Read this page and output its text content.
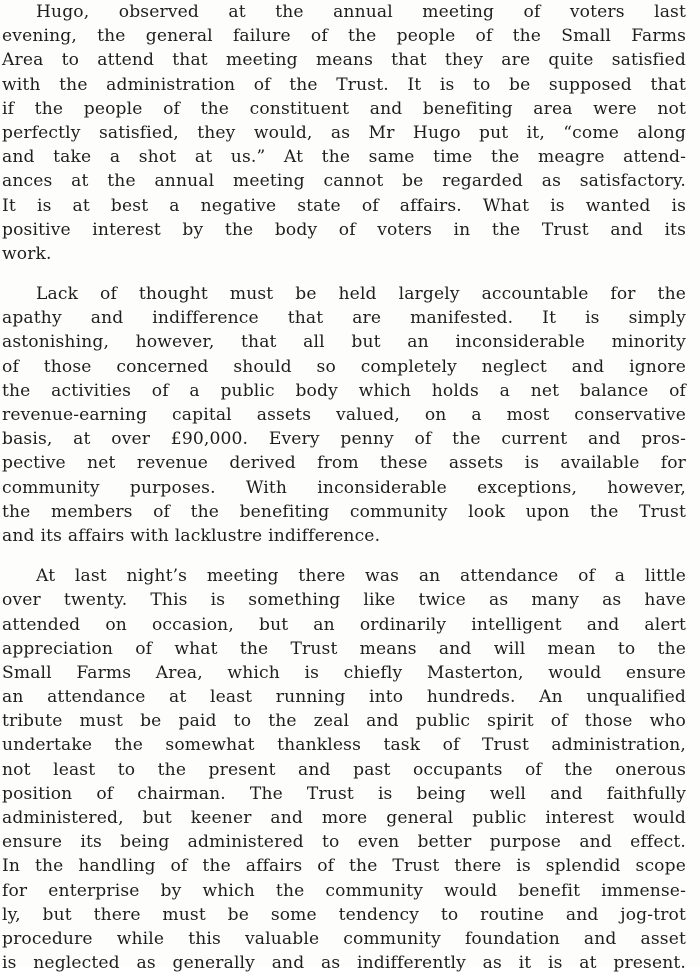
Hugo, observed at the annual meeting of voters last
evening, the general failure of the people of the Small Farms
Area to attend that meeting means that they are quite satisfied
with the administration of the Trust. It is to be supposed that
if the people of the constituent and benefiting area were not
perfectly satisfied, they would, as Mr Hugo put it, “come along
and take a shot at us.” At the same time the meagre attend-
ances at the annual meeting cannot be regarded as satisfactory.
It is at best a negative state of affairs. What is wanted is
positive interest by the body of voters in the Trust and its
work.
Lack of thought must be held largely accountable for the
apathy and indifference that are manifested. It is simply
astonishing, however, that all but an inconsiderable minority
of those concerned should so completely neglect and ignore
the activities of a public body which holds a net balance of
revenue-earning capital assets valued, on a most conservative
basis, at over £90,000. Every penny of the current and pros-
pective net revenue derived from these assets is available for
community purposes. With inconsiderable exceptions, however,
the members of the benefiting community look upon the Trust
and its affairs with lacklustre indifference.
At last night’s meeting there was an attendance of a little
over twenty. This is something like twice as many as have
attended on occasion, but an ordinarily intelligent and alert
appreciation of what the Trust means and will mean to the
Small Farms Area, which is chiefly Masterton, would ensure
an attendance at least running into hundreds. An unqualified
tribute must be paid to the zeal and public spirit of those who
undertake the somewhat thankless task of Trust administration,
not least to the present and past occupants of the onerous
position of chairman. The Trust is being well and faithfully
administered, but keener and more general public interest would
ensure its being administered to even better purpose and effect.
In the handling of the affairs of the Trust there is splendid scope
for enterprise by which the community would benefit immense-
ly, but there must be some tendency to routine and jog-trot
procedure while this valuable community foundation and asset
is neglected as generally and as indifferently as it is at present.
